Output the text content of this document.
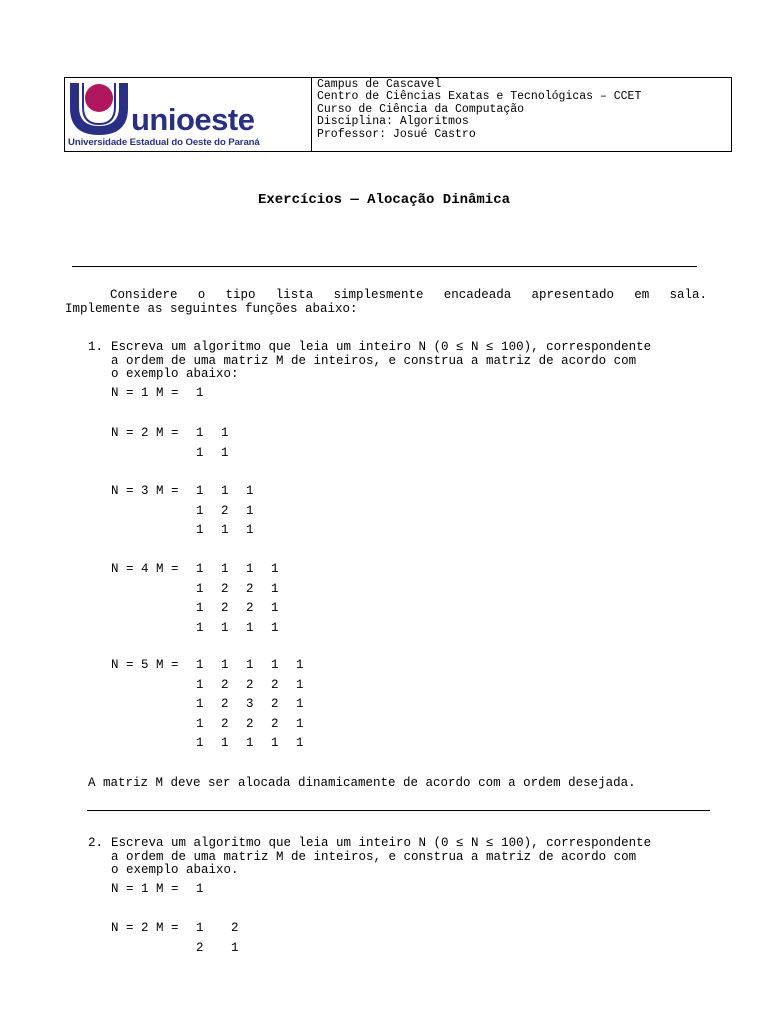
unioeste
Universidade Estadual do Oeste do Paraná
Campus de Cascavel
Centro de Ciências Exatas e Tecnológicas – CCET
Curso de Ciência da Computação
Disciplina: Algoritmos
Professor: Josué Castro
Exercícios — Alocação Dinâmica
Considere o tipo lista simplesmente encadeada apresentado em sala.
Implemente as seguintes funções abaixo:
1. Escreva um algoritmo que leia um inteiro N (0 ≤ N ≤ 100), correspondente
a ordem de uma matriz M de inteiros, e construa a matriz de acordo com
o exemplo abaixo:
N = 1 M = 1
N = 2 M = 1 1
1 1
N = 3 M = 1 1 1
1 2 1
1 1 1
N = 4 M = 1 1 1 1
1 2 2 1
1 2 2 1
1 1 1 1
N = 5 M = 1 1 1 1 1
1 2 2 2 1
1 2 3 2 1
1 2 2 2 1
1 1 1 1 1
A matriz M deve ser alocada dinamicamente de acordo com a ordem desejada.
2. Escreva um algoritmo que leia um inteiro N (0 ≤ N ≤ 100), correspondente
a ordem de uma matriz M de inteiros, e construa a matriz de acordo com
o exemplo abaixo.
N = 1 M = 1
N = 2 M = 1 2
2 1
